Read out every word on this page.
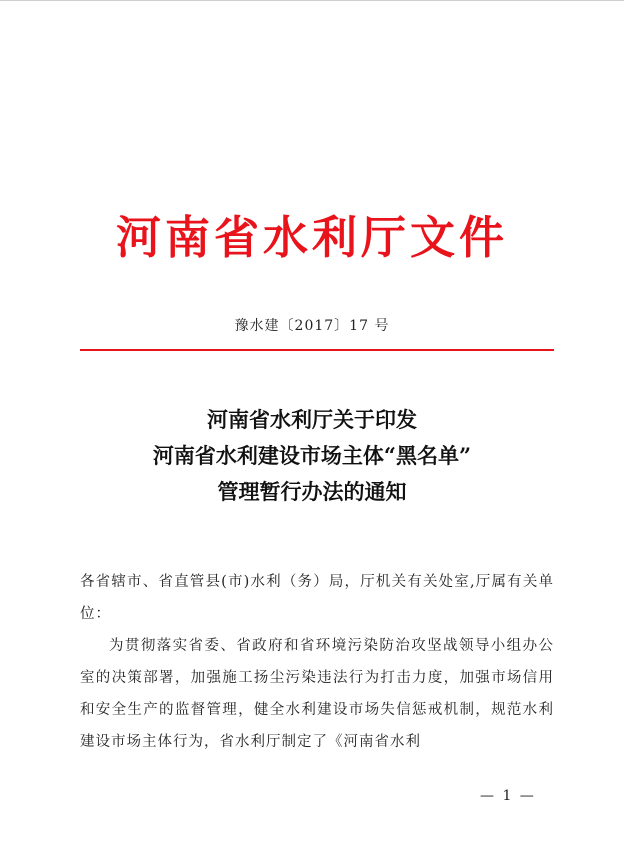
河南省水利厅文件
豫水建〔2017〕17 号
河南省水利厅关于印发
河南省水利建设市场主体“黑名单”
管理暂行办法的通知

各省辖市、省直管县(市)水利（务）局，厅机关有关处室,厅属有关单位：

为贯彻落实省委、省政府和省环境污染防治攻坚战领导小组办公室的决策部署，加强施工扬尘污染违法行为打击力度，加强市场信用和安全生产的监督管理，健全水利建设市场失信惩戒机制，规范水利建设市场主体行为，省水利厅制定了《河南省水利

— 1 —
